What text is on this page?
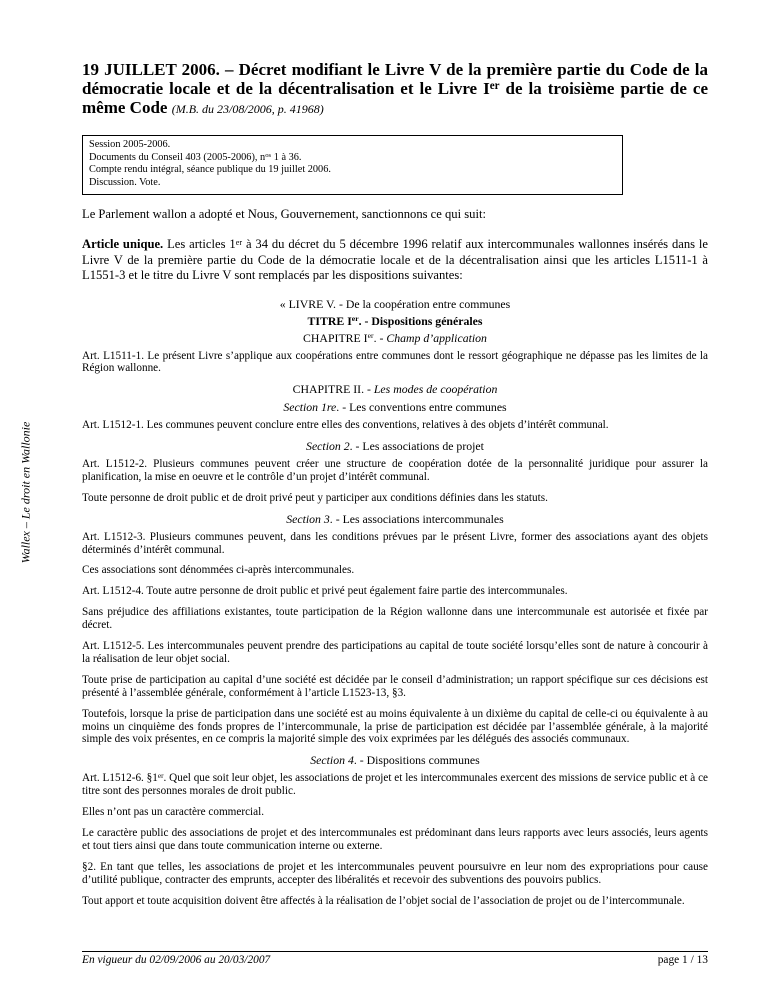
Wallex – Le droit en Wallonie
19 JUILLET 2006. – Décret modifiant le Livre V de la première partie du Code de la démocratie locale et de la décentralisation et le Livre Ier de la troisième partie de ce même Code (M.B. du 23/08/2006, p. 41968)
Session 2005-2006.
Documents du Conseil 403 (2005-2006), $n^{os}$ 1 à 36.
Compte rendu intégral, séance publique du 19 juillet 2006.
Discussion. Vote.

Le Parlement wallon a adopté et Nous, Gouvernement, sanctionnons ce qui suit:

Article unique. Les articles 1er à 34 du décret du 5 décembre 1996 relatif aux intercommunales wallonnes insérés dans le Livre V de la première partie du Code de la démocratie locale et de la décentralisation ainsi que les articles L1511-1 à L1551-3 et le titre du Livre V sont remplacés par les dispositions suivantes:

« LIVRE V. - De la coopération entre communes

TITRE Ier. - Dispositions générales

CHAPITRE Ier. - Champ d’application

Art. L1511-1. Le présent Livre s’applique aux coopérations entre communes dont le ressort géographique ne dépasse pas les limites de la Région wallonne.

CHAPITRE II. - Les modes de coopération

Section 1re. - Les conventions entre communes

Art. L1512-1. Les communes peuvent conclure entre elles des conventions, relatives à des objets d’intérêt communal.

Section 2. - Les associations de projet

Art. L1512-2. Plusieurs communes peuvent créer une structure de coopération dotée de la personnalité juridique pour assurer la planification, la mise en oeuvre et le contrôle d’un projet d’intérêt communal.

Toute personne de droit public et de droit privé peut y participer aux conditions définies dans les statuts.

Section 3. - Les associations intercommunales

Art. L1512-3. Plusieurs communes peuvent, dans les conditions prévues par le présent Livre, former des associations ayant des objets déterminés d’intérêt communal.

Ces associations sont dénommées ci-après intercommunales.

Art. L1512-4. Toute autre personne de droit public et privé peut également faire partie des intercommunales.

Sans préjudice des affiliations existantes, toute participation de la Région wallonne dans une intercommunale est autorisée et fixée par décret.

Art. L1512-5. Les intercommunales peuvent prendre des participations au capital de toute société lorsqu’elles sont de nature à concourir à la réalisation de leur objet social.

Toute prise de participation au capital d’une société est décidée par le conseil d’administration; un rapport spécifique sur ces décisions est présenté à l’assemblée générale, conformément à l’article L1523-13, §3.

Toutefois, lorsque la prise de participation dans une société est au moins équivalente à un dixième du capital de celle-ci ou équivalente à au moins un cinquième des fonds propres de l’intercommunale, la prise de participation est décidée par l’assemblée générale, à la majorité simple des voix présentes, en ce compris la majorité simple des voix exprimées par les délégués des associés communaux.

Section 4. - Dispositions communes

Art. L1512-6. §1er. Quel que soit leur objet, les associations de projet et les intercommunales exercent des missions de service public et à ce titre sont des personnes morales de droit public.

Elles n’ont pas un caractère commercial.

Le caractère public des associations de projet et des intercommunales est prédominant dans leurs rapports avec leurs associés, leurs agents et tout tiers ainsi que dans toute communication interne ou externe.

§2. En tant que telles, les associations de projet et les intercommunales peuvent poursuivre en leur nom des expropriations pour cause d’utilité publique, contracter des emprunts, accepter des libéralités et recevoir des subventions des pouvoirs publics.

Tout apport et toute acquisition doivent être affectés à la réalisation de l’objet social de l’association de projet ou de l’intercommunale.

En vigueur du 02/09/2006 au 20/03/2007	page 1 / 13
